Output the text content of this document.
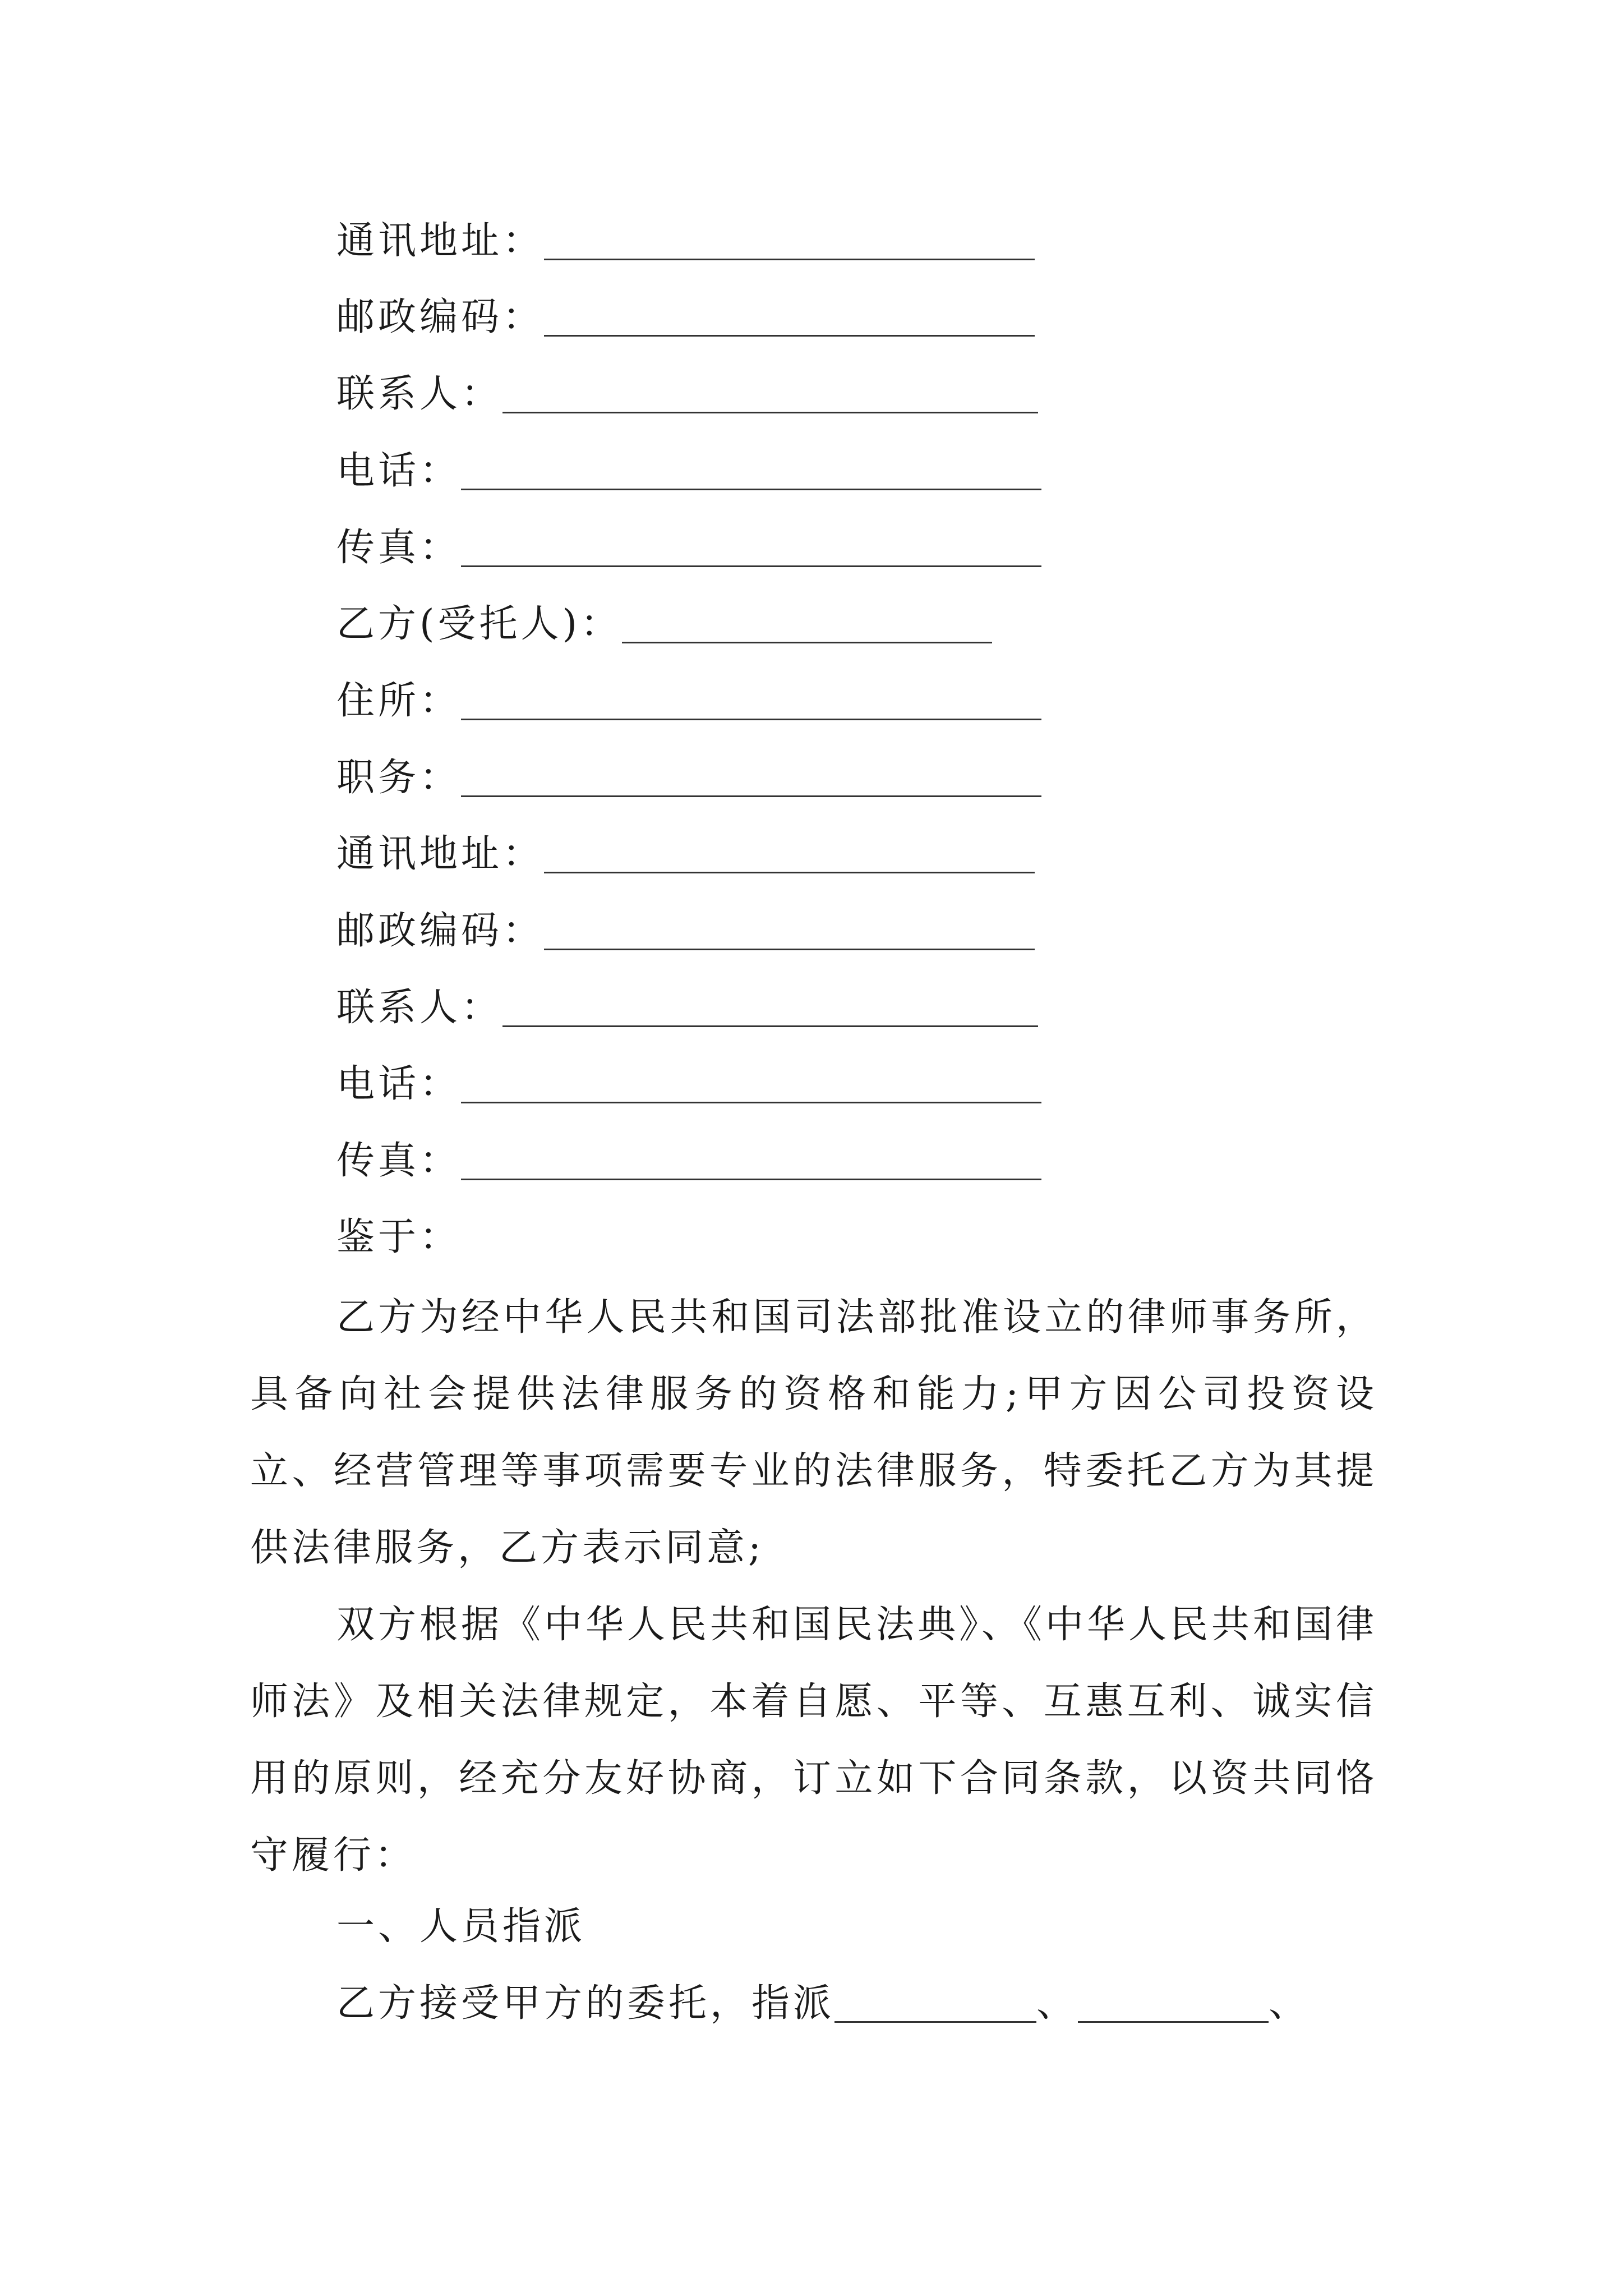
通讯地址：
邮政编码：
联系人：
电话：
传真：
乙方(受托人)：
住所：
职务：
通讯地址：
邮政编码：
联系人：
电话：
传真：
鉴于：
乙方为经中华人民共和国司法部批准设立的律师事务所，具备向社会提供法律服务的资格和能力;甲方因公司投资设立、经营管理等事项需要专业的法律服务，特委托乙方为其提供法律服务，乙方表示同意;
双方根据《中华人民共和国民法典》、《中华人民共和国律师法》及相关法律规定，本着自愿、平等、互惠互利、诚实信用的原则，经充分友好协商，订立如下合同条款，以资共同恪守履行：
一、人员指派
乙方接受甲方的委托，指派	、	、
